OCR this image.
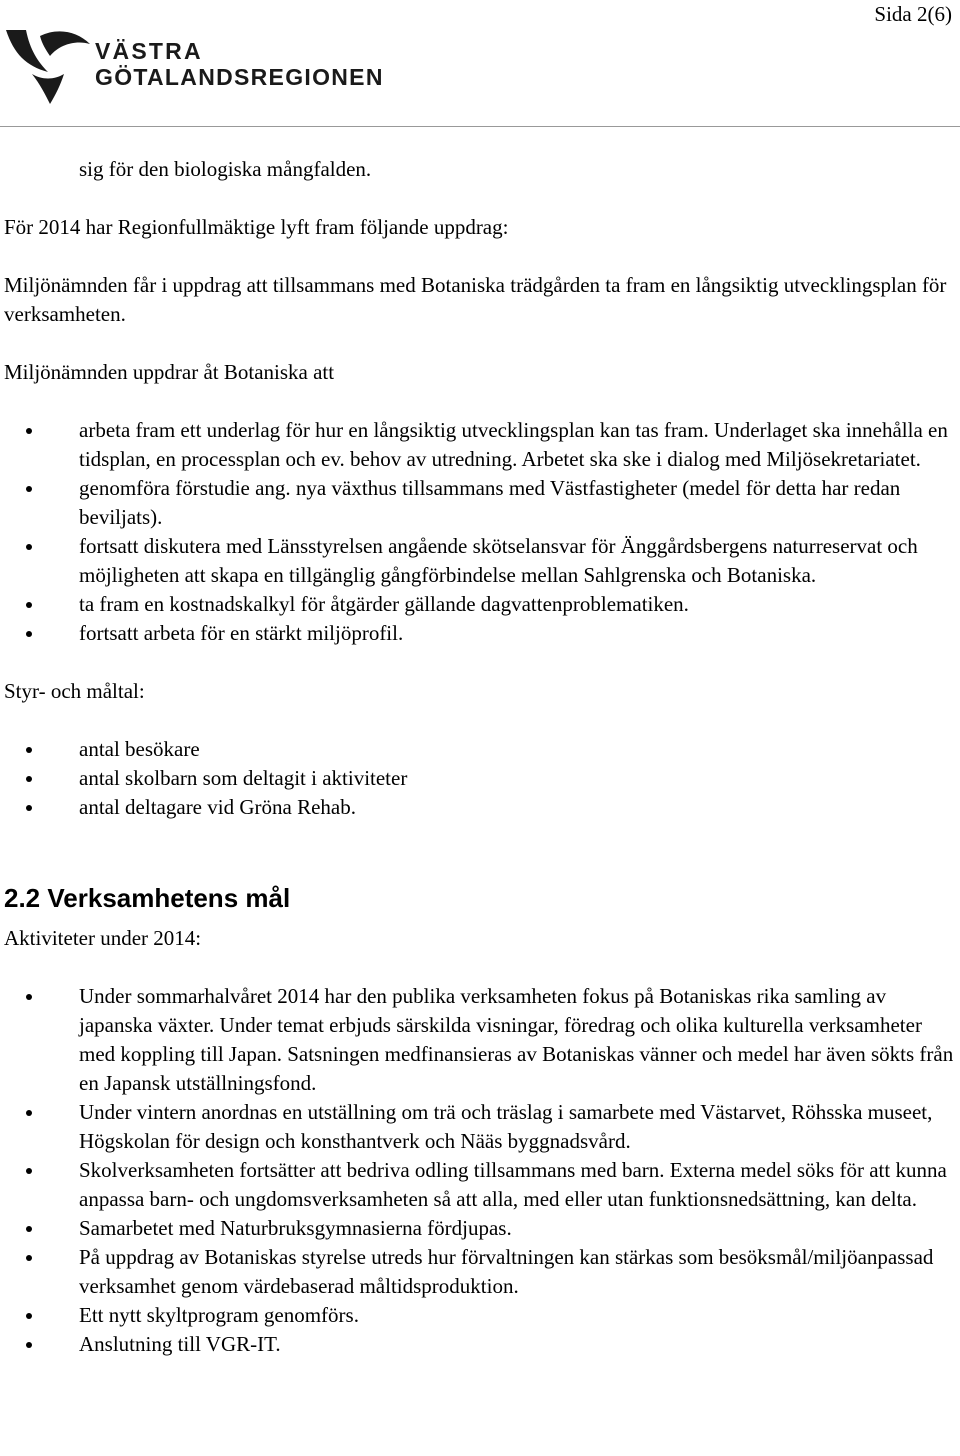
Sida 2(6)
VÄSTRA
GÖTALANDSREGIONEN

sig för den biologiska mångfalden.

För 2014 har Regionfullmäktige lyft fram följande uppdrag:

Miljönämnden får i uppdrag att tillsammans med Botaniska trädgården ta fram en långsiktig utvecklingsplan för verksamheten.

Miljönämnden uppdrar åt Botaniska att

arbeta fram ett underlag för hur en långsiktig utvecklingsplan kan tas fram. Underlaget ska innehålla en tidsplan, en processplan och ev. behov av utredning. Arbetet ska ske i dialog med Miljösekretariatet.
genomföra förstudie ang. nya växthus tillsammans med Västfastigheter (medel för detta har redan beviljats).
fortsatt diskutera med Länsstyrelsen angående skötselansvar för Änggårdsbergens naturreservat och möjligheten att skapa en tillgänglig gångförbindelse mellan Sahlgrenska och Botaniska.
ta fram en kostnadskalkyl för åtgärder gällande dagvattenproblematiken.
fortsatt arbeta för en stärkt miljöprofil.

Styr- och måltal:

antal besökare
antal skolbarn som deltagit i aktiviteter
antal deltagare vid Gröna Rehab.
2.2 Verksamhetens mål

Aktiviteter under 2014:

Under sommarhalvåret 2014 har den publika verksamheten fokus på Botaniskas rika samling av japanska växter. Under temat erbjuds särskilda visningar, föredrag och olika kulturella verksamheter med koppling till Japan. Satsningen medfinansieras av Botaniskas vänner och medel har även sökts från en Japansk utställningsfond.
Under vintern anordnas en utställning om trä och träslag i samarbete med Västarvet, Röhsska museet, Högskolan för design och konsthantverk och Nääs byggnadsvård.
Skolverksamheten fortsätter att bedriva odling tillsammans med barn. Externa medel söks för att kunna anpassa barn- och ungdomsverksamheten så att alla, med eller utan funktionsnedsättning, kan delta.
Samarbetet med Naturbruksgymnasierna fördjupas.
På uppdrag av Botaniskas styrelse utreds hur förvaltningen kan stärkas som besöksmål/miljöanpassad verksamhet genom värdebaserad måltidsproduktion.
Ett nytt skyltprogram genomförs.
Anslutning till VGR-IT.
